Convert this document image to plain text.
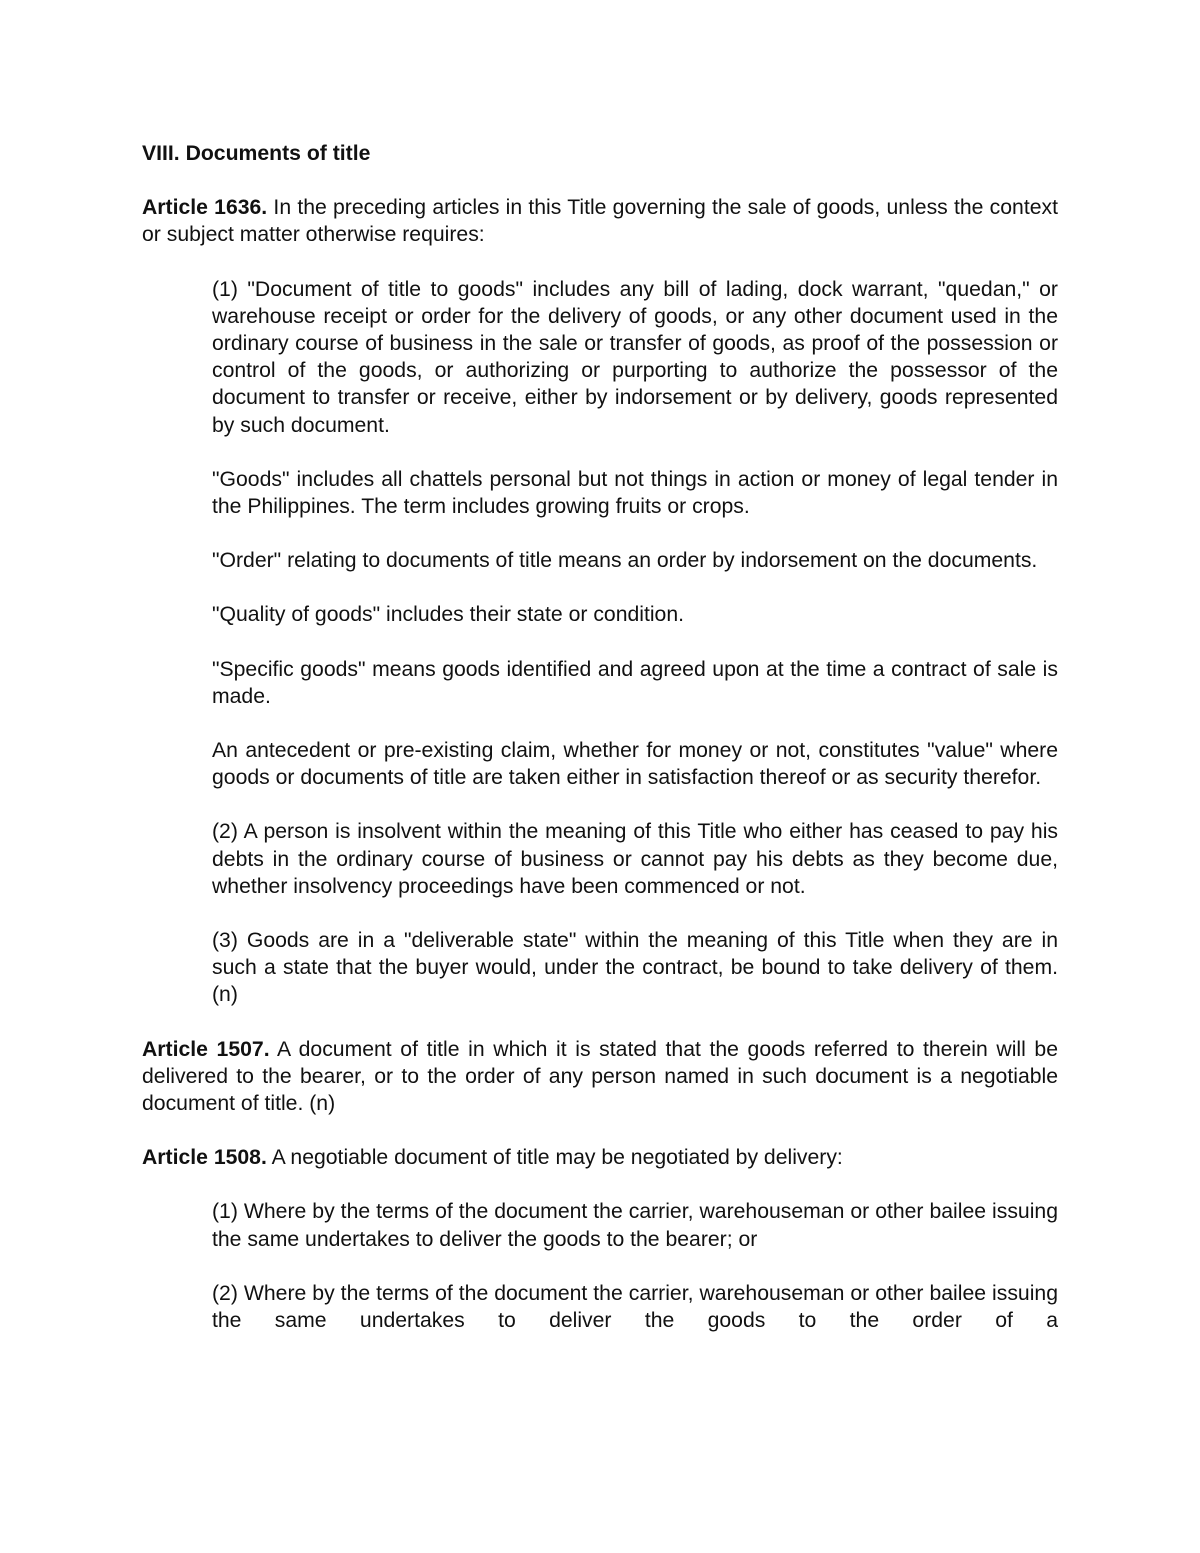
VIII. Documents of title
Article 1636. In the preceding articles in this Title governing the sale of goods, unless the context or subject matter otherwise requires:
(1) "Document of title to goods" includes any bill of lading, dock warrant, "quedan," or warehouse receipt or order for the delivery of goods, or any other document used in the ordinary course of business in the sale or transfer of goods, as proof of the possession or control of the goods, or authorizing or purporting to authorize the possessor of the document to transfer or receive, either by indorsement or by delivery, goods represented by such document.
"Goods" includes all chattels personal but not things in action or money of legal tender in the Philippines. The term includes growing fruits or crops.
"Order" relating to documents of title means an order by indorsement on the documents.
"Quality of goods" includes their state or condition.
"Specific goods" means goods identified and agreed upon at the time a contract of sale is made.
An antecedent or pre-existing claim, whether for money or not, constitutes "value" where goods or documents of title are taken either in satisfaction thereof or as security therefor.
(2) A person is insolvent within the meaning of this Title who either has ceased to pay his debts in the ordinary course of business or cannot pay his debts as they become due, whether insolvency proceedings have been commenced or not.
(3) Goods are in a "deliverable state" within the meaning of this Title when they are in such a state that the buyer would, under the contract, be bound to take delivery of them. (n)
Article 1507. A document of title in which it is stated that the goods referred to therein will be delivered to the bearer, or to the order of any person named in such document is a negotiable document of title. (n)
Article 1508. A negotiable document of title may be negotiated by delivery:
(1) Where by the terms of the document the carrier, warehouseman or other bailee issuing the same undertakes to deliver the goods to the bearer; or
(2) Where by the terms of the document the carrier, warehouseman or other bailee issuing the same undertakes to deliver the goods to the order of a
